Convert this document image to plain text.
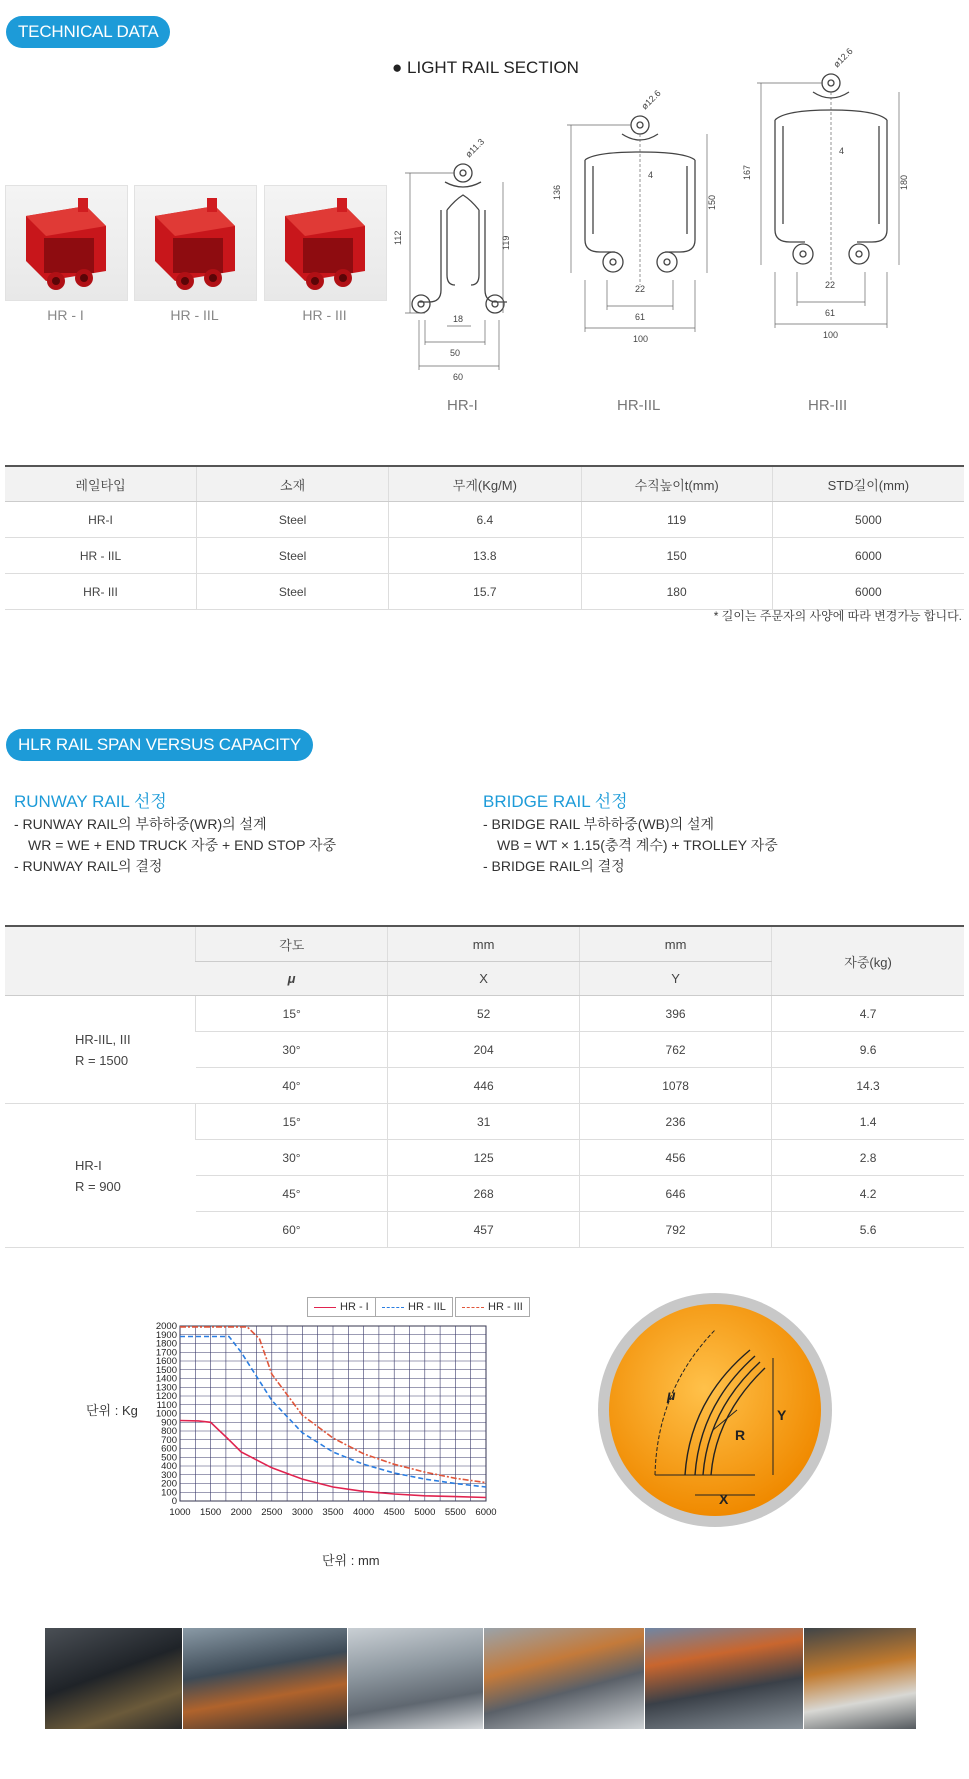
TECHNICAL DATA
● LIGHT RAIL SECTION
HR - I	HR - IIL	HR - III
112	119
60
50
18
ø11.3
HR-I
136
150
100
61
22
4
ø12.6
HR-IIL
167
180
100
61
22
4
ø12.6
HR-III
레일타입	소재	무게(Kg/M)	수직높이t(mm)	STD길이(mm)
HR-I	Steel	6.4	119	5000
HR - IIL	Steel	13.8	150	6000
HR- III	Steel	15.7	180	6000
* 길이는 주문자의 사양에 따라 변경가능 합니다.
HLR RAIL SPAN VERSUS CAPACITY
RUNWAY RAIL 선정
- RUNWAY RAIL의 부하하중(WR)의 설계
WR = WE + END TRUCK 자중 + END STOP 자중
- RUNWAY RAIL의 결정
BRIDGE RAIL 선정
- BRIDGE RAIL 부하하중(WB)의 설계
WB = WT × 1.15(충격 계수) + TROLLEY 자중
- BRIDGE RAIL의 결정
	각도	mm	mm	자중(kg)
	μ	X	Y	

HR-IIL, III
R = 1500	15°	52	396	4.7
	30°	204	762	9.6
	40°	446	1078	14.3

HR-I
R = 900	15°	31	236	1.4
	30°	125	456	2.8
	45°	268	646	4.2
	60°	457	792	5.6
HR - I	HR - IIL	HR - III
단위 : Kg
단위 : mm
0
100
200
300
400
500
600
700
800
900
1000
1100
1200
1300
1400
1500
1600
1700
1800
1900
2000
1000 1500 2000 2500 3000 3500 4000 4500 5000 5500 6000
μ
R
X
Y
